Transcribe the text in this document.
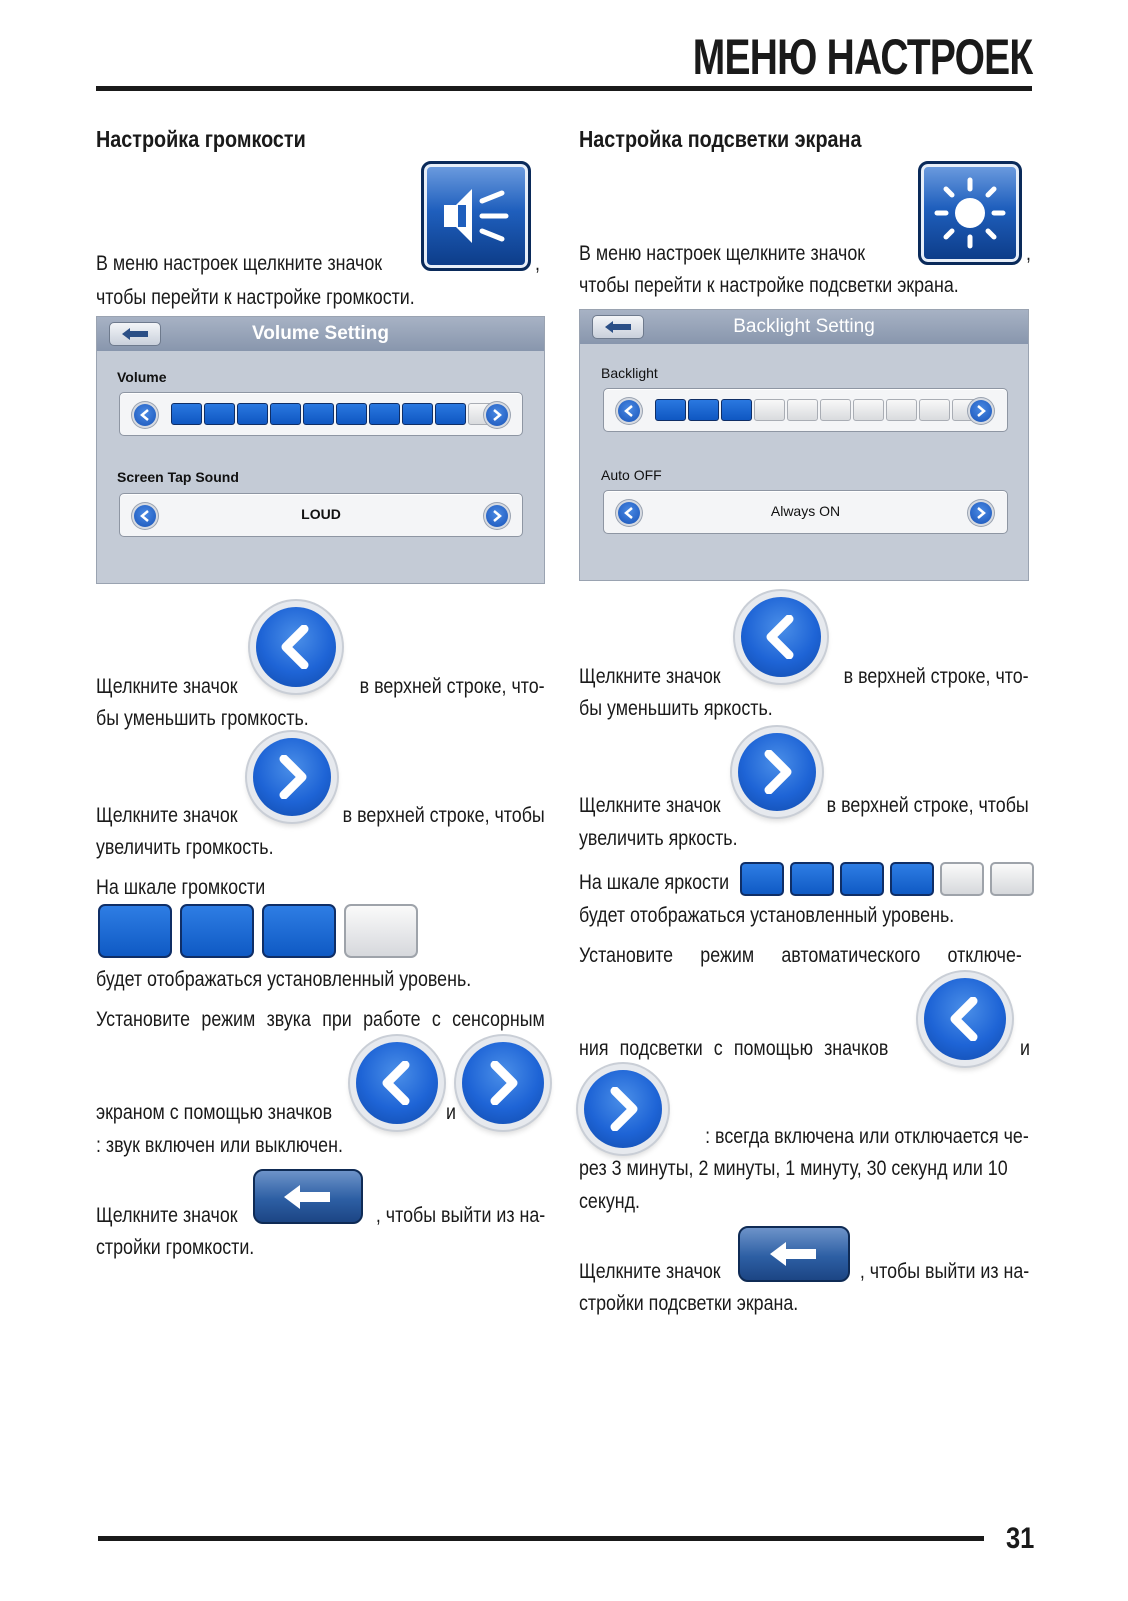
МЕНЮ НАСТРОЕК
Настройка громкости
В меню настроек щелкните значок	,
чтобы перейти к настройке громкости.
Volume Setting
Volume
Screen Tap Sound
LOUD
Щелкните значок	в верхней строке, что-
бы уменьшить громкость.
Щелкните значок	в верхней строке, чтобы
увеличить громкость.
На шкале громкости
будет отображаться установленный уровень.
Установите режим звука при работе с сенсорным
экраном с помощью значков	и
: звук включен или выключен.
Щелкните значок	, чтобы выйти из на-
стройки громкости.
Настройка подсветки экрана
В меню настроек щелкните значок	,
чтобы перейти к настройке подсветки экрана.
Backlight Setting
Backlight
Auto OFF
Always ON
Щелкните значок	в верхней строке, что-
бы уменьшить яркость.
Щелкните значок	в верхней строке, чтобы
увеличить яркость.
На шкале яркости
будет отображаться установленный уровень.
Установите режим автоматического отключе-
ния подсветки с помощью значков	и
: всегда включена или отключается че-
рез 3 минуты, 2 минуты, 1 минуту, 30 секунд или 10
секунд.
Щелкните значок	, чтобы выйти из на-
стройки подсветки экрана.
31
